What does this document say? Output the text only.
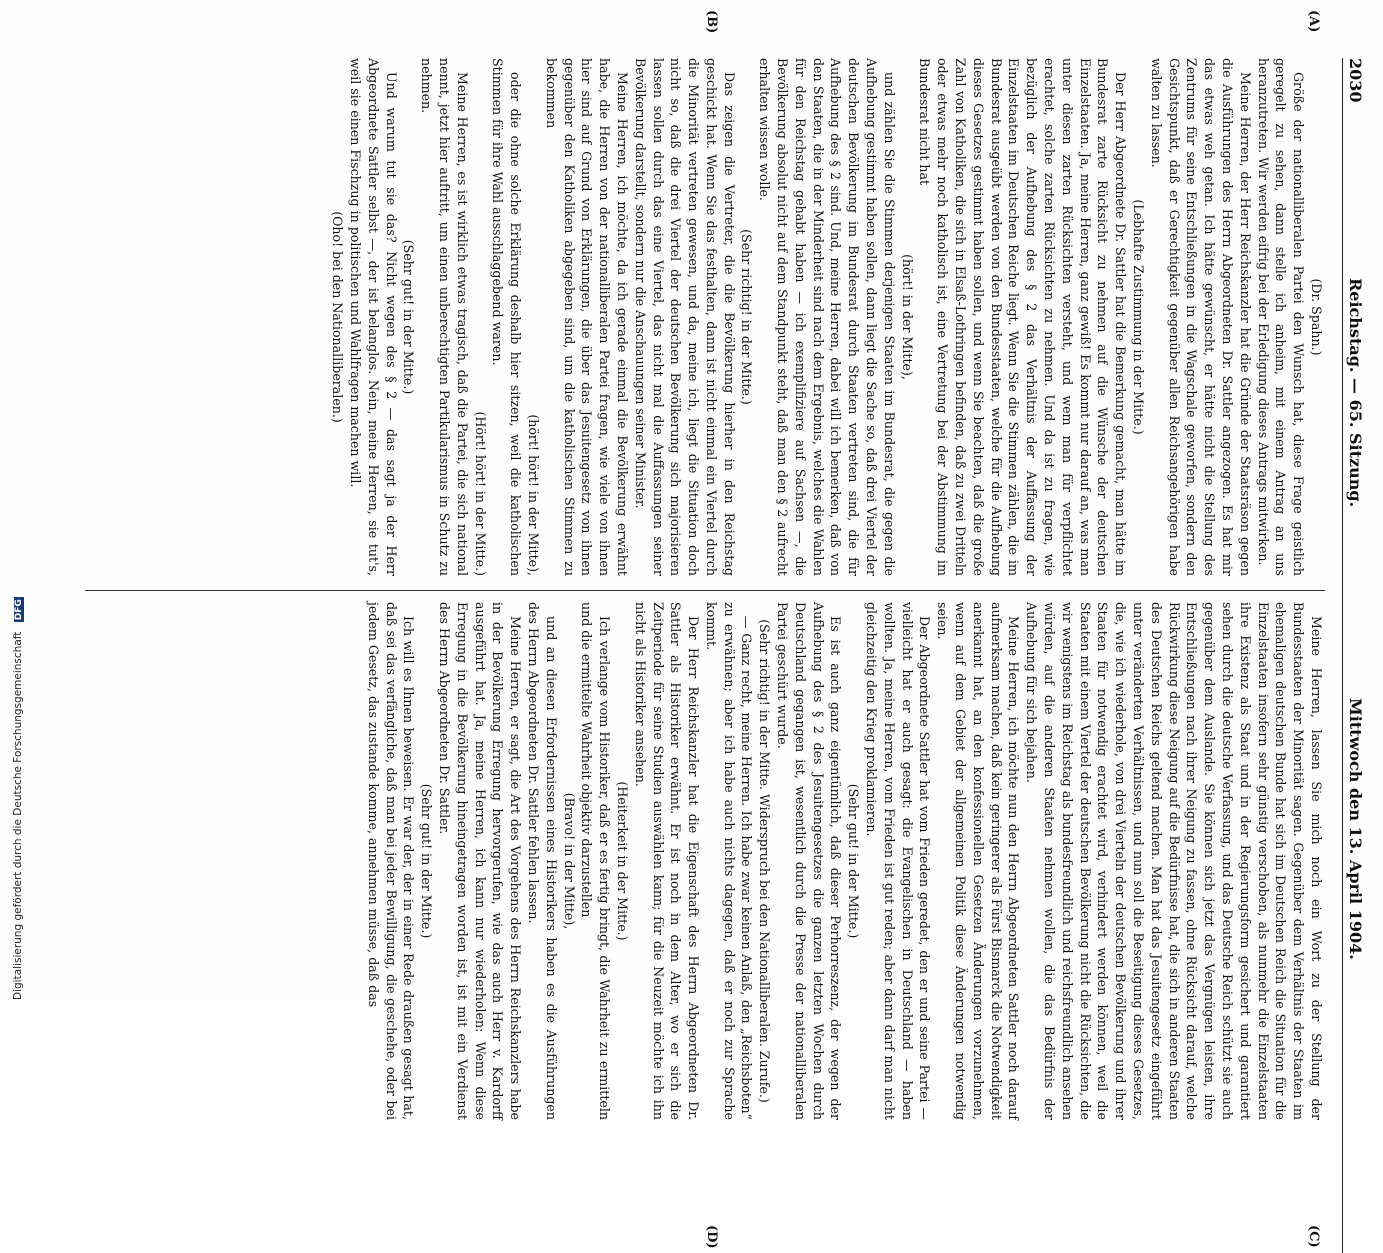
2030
Reichstag. — 65. Sitzung.
Mittwoch den 13. April 1904.
(A)
(B)
(C)
(D)

(Dr. Spahn.)

Größe der nationalliberalen Partei den Wunsch hat, diese Frage geistlich geregelt zu sehen, dann stelle ich anheim, mit einem Antrag an uns heranzutreten. Wir werden eifrig bei der Erledigung dieses Antrags mitwirken.

Meine Herren, der Herr Reichskanzler hat die Gründe der Staatsräson gegen die Ausführungen des Herrn Abgeordneten Dr. Sattler angezogen. Es hat mir das etwas weh getan. Ich hätte gewünscht, er hätte nicht die Stellung des Zentrums für seine Entschließungen in die Wagschale geworfen, sondern den Gesichtspunkt, daß er Gerechtigkeit gegenüber allen Reichsangehörigen habe walten zu lassen.

(Lebhafte Zustimmung in der Mitte.)

Der Herr Abgeordnete Dr. Sattler hat die Bemerkung gemacht, man hätte im Bundesrat zarte Rücksicht zu nehmen auf die Wünsche der deutschen Einzelstaaten. Ja, meine Herren, ganz gewiß! Es kommt nur darauf an, was man unter diesen zarten Rücksichten versteht, und wem man für verpflichtet erachtet, solche zarten Rücksichten zu nehmen. Und da ist zu fragen, wie bezüglich der Aufhebung des § 2 das Verhältnis der Auffassung der Einzelstaaten im Deutschen Reiche liegt. Wenn Sie die Stimmen zählen, die im Bundesrat ausgeübt werden von den Bundesstaaten, welche für die Aufhebung dieses Gesetzes gestimmt haben sollen, und wenn Sie beachten, daß die große Zahl von Katholiken, die sich in Elsaß-Lothringen befinden, daß zu zwei Dritteln oder etwas mehr noch katholisch ist, eine Vertretung bei der Abstimmung im Bundesrat nicht hat

(hört! in der Mitte),

und zählen Sie die Stimmen derjenigen Staaten im Bundesrat, die gegen die Aufhebung gestimmt haben sollen, dann liegt die Sache so, daß drei Viertel der deutschen Bevölkerung im Bundesrat durch Staaten vertreten sind, die für Aufhebung des § 2 sind. Und, meine Herren, dabei will ich bemerken, daß von den Staaten, die in der Minderheit sind nach dem Ergebnis, welches die Wahlen für den Reichstag gehabt haben — ich exemplifiziere auf Sachsen —, die Bevölkerung absolut nicht auf dem Standpunkt steht, daß man den § 2 aufrecht erhalten wissen wolle.

(Sehr richtig! in der Mitte.)

Das zeigen die Vertreter, die die Bevölkerung hierher in den Reichstag geschickt hat. Wenn Sie das festhalten, dann ist nicht einmal ein Viertel durch die Minorität vertreten gewesen, und da, meine ich, liegt die Situation doch nicht so, daß die drei Viertel der deutschen Bevölkerung sich majorisieren lassen sollen durch das eine Viertel, das nicht mal die Auffassungen seiner Bevölkerung darstellt, sondern nur die Anschauungen seiner Minister.

Meine Herren, ich möchte, da ich gerade einmal die Bevölkerung erwähnt habe, die Herren von der nationalliberalen Partei fragen, wie viele von ihnen hier sind auf Grund von Erklärungen, die über das Jesuitengesetz von ihnen gegenüber den Katholiken abgegeben sind, um die katholischen Stimmen zu bekommen

(hört! hört! in der Mitte),

oder die ohne solche Erklärung deshalb hier sitzen, weil die katholischen Stimmen für ihre Wahl ausschlaggebend waren.

(Hört! hört! in der Mitte.)

Meine Herren, es ist wirklich etwas tragisch, daß die Partei, die sich national nennt, jetzt hier auftritt, um einen unberechtigten Partikularismus in Schutz zu nehmen.

(Sehr gut! in der Mitte.)

Und warum tut sie das? Nicht wegen des § 2 — das sagt ja der Herr Abgeordnete Sattler selbst —, der ist belanglos. Nein, meine Herren, sie tut's, weil sie einen Fischzug in politischen und Wahlfragen machen will.

(Oho! bei den Nationalliberalen.)

Meine Herren, lassen Sie mich noch ein Wort zu der Stellung der Bundesstaaten der Minorität sagen. Gegenüber dem Verhältnis der Staaten im ehemaligen deutschen Bunde hat sich im Deutschen Reich die Situation für die Einzelstaaten insofern sehr günstig verschoben, als nunmehr die Einzelstaaten ihre Existenz als Staat und in der Regierungsform gesichert und garantiert sehen durch die deutsche Verfassung, und das Deutsche Reich schützt sie auch gegenüber dem Auslande. Sie können sich jetzt das Vergnügen leisten, ihre Entschließungen nach ihrer Neigung zu fassen, ohne Rücksicht darauf, welche Rückwirkung diese Neigung auf die Bedürfnisse hat, die sich in anderen Staaten des Deutschen Reichs geltend machen. Man hat das Jesuitengesetz eingeführt unter veränderten Verhältnissen, und nun soll die Beseitigung dieses Gesetzes, die, wie ich wiederhole, von drei Vierteln der deutschen Bevölkerung und ihrer Staaten für notwendig erachtet wird, verhindert werden können, weil die Staaten mit einem Viertel der deutschen Bevölkerung nicht die Rücksichten, die wir wenigstens im Reichstag als bundesfreundlich und reichsfreundlich ansehen würden, auf die anderen Staaten nehmen wollen, die das Bedürfnis der Aufhebung für sich bejahen.

Meine Herren, ich möchte nun den Herrn Abgeordneten Sattler noch darauf aufmerksam machen, daß kein geringerer als Fürst Bismarck die Notwendigkeit anerkannt hat, an den konfessionellen Gesetzen Änderungen vorzunehmen, wenn auf dem Gebiet der allgemeinen Politik diese Änderungen notwendig seien.

Der Abgeordnete Sattler hat vom Frieden geredet, den er und seine Partei — vielleicht hat er auch gesagt: die Evangelischen in Deutschland — haben wollten. Ja, meine Herren, vom Frieden ist gut reden; aber dann darf man nicht gleichzeitig den Krieg proklamieren.

(Sehr gut! in der Mitte.)

Es ist auch ganz eigentümlich, daß dieser Perhorreszenz, der wegen der Aufhebung des § 2 des Jesuitengesetzes die ganzen letzten Wochen durch Deutschland gegangen ist, wesentlich durch die Presse der nationalliberalen Partei geschürt wurde.

(Sehr richtig! in der Mitte. Widerspruch bei den Nationalliberalen. Zurufe.)

— Ganz recht, meine Herren. Ich habe zwar keinen Anlaß, den „Reichsboten“ zu erwähnen; aber ich habe auch nichts dagegen, daß er noch zur Sprache kommt.

Der Herr Reichskanzler hat die Eigenschaft des Herrn Abgeordneten Dr. Sattler als Historiker erwähnt. Er ist noch in dem Alter, wo er sich die Zeitperiode für seine Studien auswählen kann; für die Neuzeit möchte ich ihn nicht als Historiker ansehen.

(Heiterkeit in der Mitte.)

Ich verlange vom Historiker, daß er es fertig bringt, die Wahrheit zu ermitteln und die ermittelte Wahrheit objektiv darzustellen

(Bravo! in der Mitte),

und an diesen Erfordernissen eines Historikers haben es die Ausführungen des Herrn Abgeordneten Dr. Sattler fehlen lassen.

Meine Herren, er sagt, die Art des Vorgehens des Herrn Reichskanzlers habe in der Bevölkerung Erregung hervorgerufen, wie das auch Herr v. Kardorff ausgeführt hat. Ja, meine Herren, ich kann nur wiederholen: Wenn diese Erregung in die Bevölkerung hineingetragen worden ist, ist mit ein Verdienst des Herrn Abgeordneten Dr. Sattler.

(Sehr gut! in der Mitte.)

Ich will es Ihnen beweisen. Er war der, der in einer Rede draußen gesagt hat, daß sei das verfängliche, daß man bei jeder Bewilligung, die geschehe, oder bei jedem Gesetz, das zustande komme, annehmen müsse, daß das

Digitalisierung gefördert durch die Deutsche Forschungsgemeinschaft DFG
